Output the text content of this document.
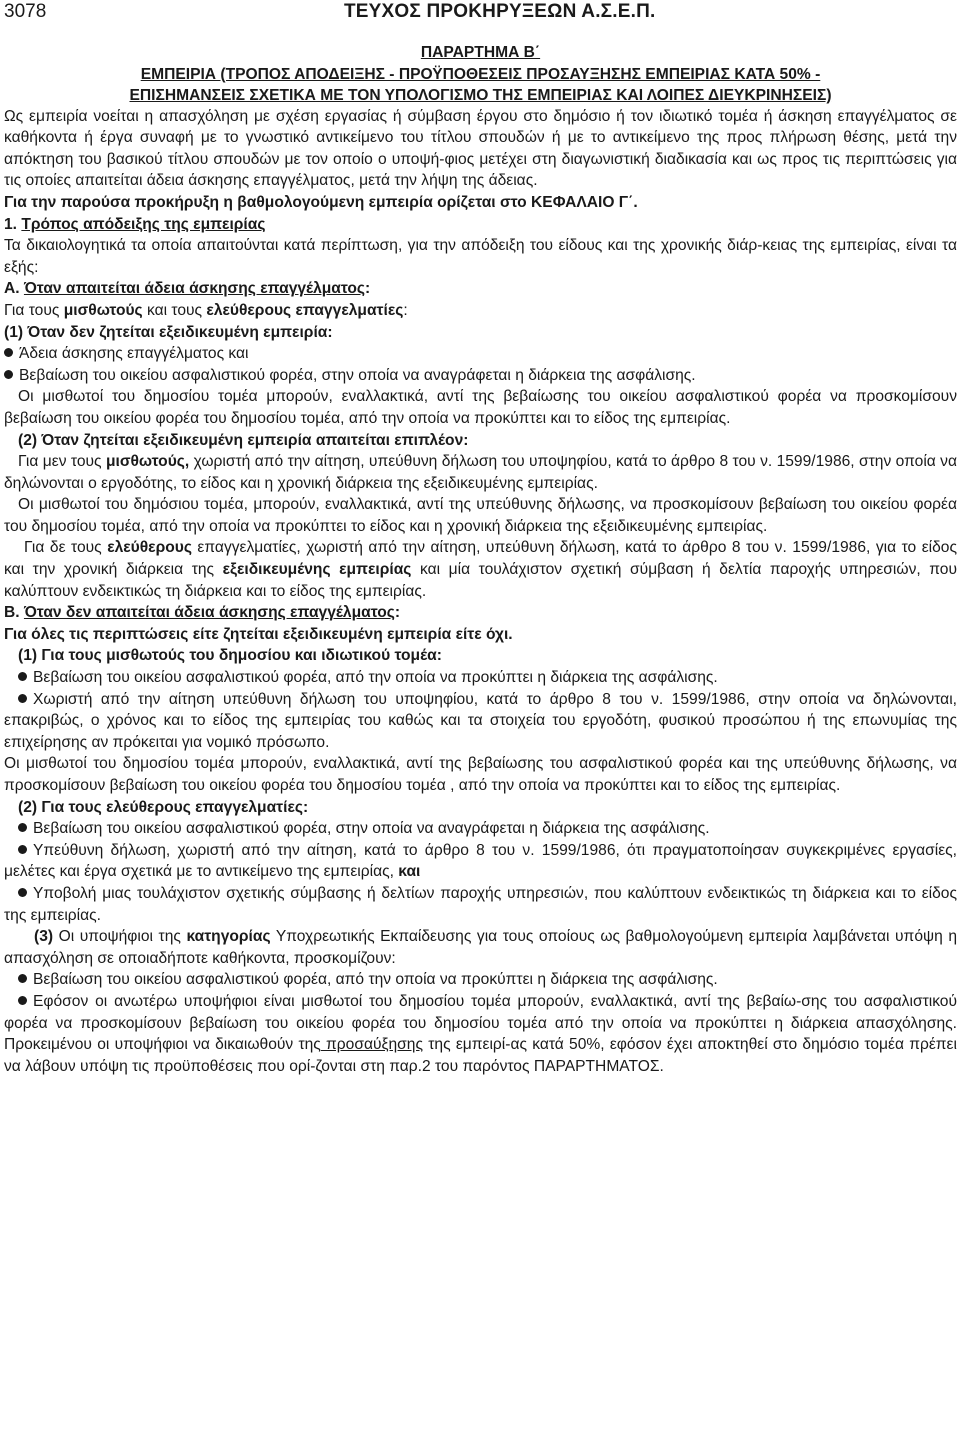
3078	ΤΕΥΧΟΣ ΠΡΟΚΗΡΥΞΕΩΝ Α.Σ.Ε.Π.

ΠΑΡΑΡΤΗΜΑ Β΄

ΕΜΠΕΙΡΙΑ (ΤΡΟΠΟΣ ΑΠΟΔΕΙΞΗΣ - ΠΡΟΫΠΟΘΕΣΕΙΣ ΠΡΟΣΑΥΞΗΣΗΣ ΕΜΠΕΙΡΙΑΣ ΚΑΤΑ 50% -

ΕΠΙΣΗΜΑΝΣΕΙΣ ΣΧΕΤΙΚΑ ΜΕ ΤΟΝ ΥΠΟΛΟΓΙΣΜΟ ΤΗΣ ΕΜΠΕΙΡΙΑΣ ΚΑΙ ΛΟΙΠΕΣ ΔΙΕΥΚΡΙΝΗΣΕΙΣ)

Ως εμπειρία νοείται η απασχόληση με σχέση εργασίας ή σύμβαση έργου στο δημόσιο ή τον ιδιωτικό τομέα ή άσκηση επαγγέλματος σε καθήκοντα ή έργα συναφή με το γνωστικό αντικείμενο του τίτλου σπουδών ή με το αντικείμενο της προς πλήρωση θέσης, μετά την απόκτηση του βασικού τίτλου σπουδών με τον οποίο ο υποψή-φιος μετέχει στη διαγωνιστική διαδικασία και ως προς τις περιπτώσεις για τις οποίες απαιτείται άδεια άσκησης επαγγέλματος, μετά την λήψη της άδειας.

Για την παρούσα προκήρυξη η βαθμολογούμενη εμπειρία ορίζεται στο ΚΕΦΑΛΑΙΟ Γ΄.

1. Τρόπος απόδειξης της εμπειρίας

Τα δικαιολογητικά τα οποία απαιτούνται κατά περίπτωση, για την απόδειξη του είδους και της χρονικής διάρ-κειας της εμπειρίας, είναι τα εξής:

Α. Όταν απαιτείται άδεια άσκησης επαγγέλματος:

Για τους μισθωτούς και τους ελεύθερους επαγγελματίες:

(1) Όταν δεν ζητείται εξειδικευμένη εμπειρία:

Άδεια άσκησης επαγγέλματος και

Βεβαίωση του οικείου ασφαλιστικού φορέα, στην οποία να αναγράφεται η διάρκεια της ασφάλισης.

Οι μισθωτοί του δημοσίου τομέα μπορούν, εναλλακτικά, αντί της βεβαίωσης του οικείου ασφαλιστικού φορέα να προσκομίσουν βεβαίωση του οικείου φορέα του δημοσίου τομέα, από την οποία να προκύπτει και το είδος της εμπειρίας.

(2) Όταν ζητείται εξειδικευμένη εμπειρία απαιτείται επιπλέον:

Για μεν τους μισθωτούς, χωριστή από την αίτηση, υπεύθυνη δήλωση του υποψηφίου, κατά το άρθρο 8 του ν. 1599/1986, στην οποία να δηλώνονται ο εργοδότης, το είδος και η χρονική διάρκεια της εξειδικευμένης εμπειρίας.

Οι μισθωτοί του δημόσιου τομέα, μπορούν, εναλλακτικά, αντί της υπεύθυνης δήλωσης, να προσκομίσουν βεβαίωση του οικείου φορέα του δημοσίου τομέα, από την οποία να προκύπτει το είδος και η χρονική διάρκεια της εξειδικευμένης εμπειρίας.

Για δε τους ελεύθερους επαγγελματίες, χωριστή από την αίτηση, υπεύθυνη δήλωση, κατά το άρθρο 8 του ν. 1599/1986, για το είδος και την χρονική διάρκεια της εξειδικευμένης εμπειρίας και μία τουλάχιστον σχετική σύμβαση ή δελτία παροχής υπηρεσιών, που καλύπτουν ενδεικτικώς τη διάρκεια και το είδος της εμπειρίας.

Β. Όταν δεν απαιτείται άδεια άσκησης επαγγέλματος:

Για όλες τις περιπτώσεις είτε ζητείται εξειδικευμένη εμπειρία είτε όχι.

(1) Για τους μισθωτούς του δημοσίου και ιδιωτικού τομέα:

Βεβαίωση του οικείου ασφαλιστικού φορέα, από την οποία να προκύπτει η διάρκεια της ασφάλισης.

Χωριστή από την αίτηση υπεύθυνη δήλωση του υποψηφίου, κατά το άρθρο 8 του ν. 1599/1986, στην οποία να δηλώνονται, επακριβώς, ο χρόνος και το είδος της εμπειρίας του καθώς και τα στοιχεία του εργοδότη, φυσικού προσώπου ή της επωνυμίας της επιχείρησης αν πρόκειται για νομικό πρόσωπο.

Οι μισθωτοί του δημοσίου τομέα μπορούν, εναλλακτικά, αντί της βεβαίωσης του ασφαλιστικού φορέα και της υπεύθυνης δήλωσης, να προσκομίσουν βεβαίωση του οικείου φορέα του δημοσίου τομέα , από την οποία να προκύπτει και το είδος της εμπειρίας.

(2) Για τους ελεύθερους επαγγελματίες:

Βεβαίωση του οικείου ασφαλιστικού φορέα, στην οποία να αναγράφεται η διάρκεια της ασφάλισης.

Υπεύθυνη δήλωση, χωριστή από την αίτηση, κατά το άρθρο 8 του ν. 1599/1986, ότι πραγματοποίησαν συγκεκριμένες εργασίες, μελέτες και έργα σχετικά με το αντικείμενο της εμπειρίας, και

Υποβολή μιας τουλάχιστον σχετικής σύμβασης ή δελτίων παροχής υπηρεσιών, που καλύπτουν ενδεικτικώς τη διάρκεια και το είδος της εμπειρίας.

(3) Οι υποψήφιοι της κατηγορίας Υποχρεωτικής Εκπαίδευσης για τους οποίους ως βαθμολογούμενη εμπειρία λαμβάνεται υπόψη η απασχόληση σε οποιαδήποτε καθήκοντα, προσκομίζουν:

Βεβαίωση του οικείου ασφαλιστικού φορέα, από την οποία να προκύπτει η διάρκεια της ασφάλισης.

Εφόσον οι ανωτέρω υποψήφιοι είναι μισθωτοί του δημοσίου τομέα μπορούν, εναλλακτικά, αντί της βεβαίω-σης του ασφαλιστικού φορέα να προσκομίσουν βεβαίωση του οικείου φορέα του δημοσίου τομέα από την οποία να προκύπτει η διάρκεια απασχόλησης. Προκειμένου οι υποψήφιοι να δικαιωθούν της προσαύξησης της εμπειρί-ας κατά 50%, εφόσον έχει αποκτηθεί στο δημόσιο τομέα πρέπει να λάβουν υπόψη τις προϋποθέσεις που ορί-ζονται στη παρ.2 του παρόντος ΠΑΡΑΡΤΗΜΑΤΟΣ.
